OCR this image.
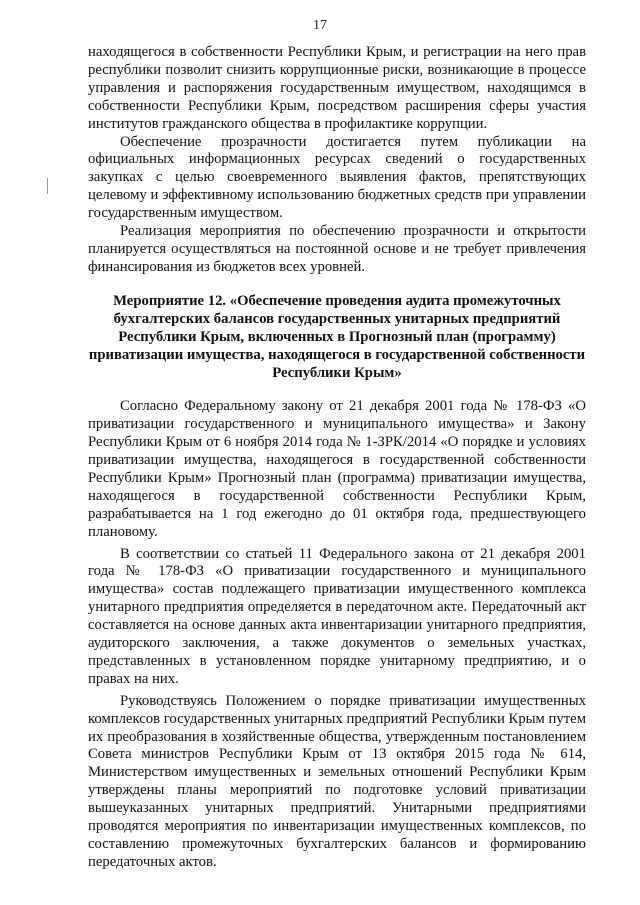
17

находящегося в собственности Республики Крым, и регистрации на него прав республики позволит снизить коррупционные риски, возникающие в процессе управления и распоряжения государственным имуществом, находящимся в собственности Республики Крым, посредством расширения сферы участия институтов гражданского общества в профилактике коррупции.

Обеспечение прозрачности достигается путем публикации на официальных информационных ресурсах сведений о государственных закупках с целью своевременного выявления фактов, препятствующих целевому и эффективному использованию бюджетных средств при управлении государственным имуществом.

Реализация мероприятия по обеспечению прозрачности и открытости планируется осуществляться на постоянной основе и не требует привлечения финансирования из бюджетов всех уровней.

Мероприятие 12. «Обеспечение проведения аудита промежуточных бухгалтерских балансов государственных унитарных предприятий Республики Крым, включенных в Прогнозный план (программу) приватизации имущества, находящегося в государственной собственности Республики Крым»

Согласно Федеральному закону от 21 декабря 2001 года № 178-ФЗ «О приватизации государственного и муниципального имущества» и Закону Республики Крым от 6 ноября 2014 года № 1-ЗРК/2014 «О порядке и условиях приватизации имущества, находящегося в государственной собственности Республики Крым» Прогнозный план (программа) приватизации имущества, находящегося в государственной собственности Республики Крым, разрабатывается на 1 год ежегодно до 01 октября года, предшествующего плановому.

В соответствии со статьей 11 Федерального закона от 21 декабря 2001 года № 178-ФЗ «О приватизации государственного и муниципального имущества» состав подлежащего приватизации имущественного комплекса унитарного предприятия определяется в передаточном акте. Передаточный акт составляется на основе данных акта инвентаризации унитарного предприятия, аудиторского заключения, а также документов о земельных участках, представленных в установленном порядке унитарному предприятию, и о правах на них.

Руководствуясь Положением о порядке приватизации имущественных комплексов государственных унитарных предприятий Республики Крым путем их преобразования в хозяйственные общества, утвержденным постановлением Совета министров Республики Крым от 13 октября 2015 года № 614, Министерством имущественных и земельных отношений Республики Крым утверждены планы мероприятий по подготовке условий приватизации вышеуказанных унитарных предприятий. Унитарными предприятиями проводятся мероприятия по инвентаризации имущественных комплексов, по составлению промежуточных бухгалтерских балансов и формированию передаточных актов.
